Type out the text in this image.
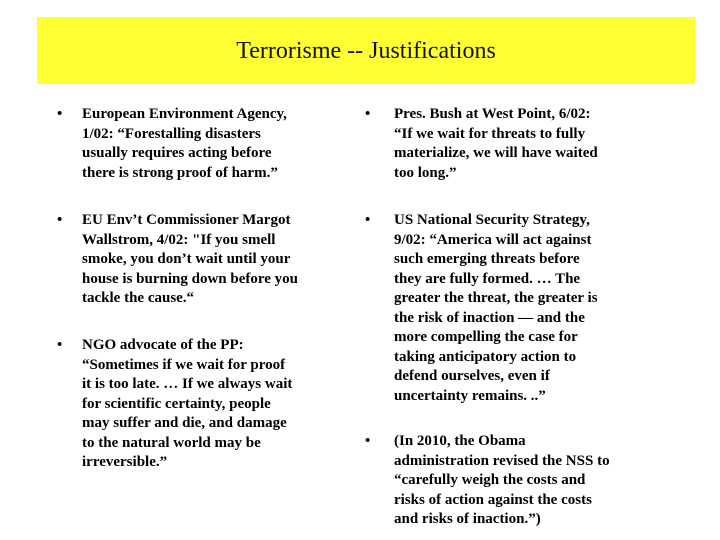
Terrorisme -- Justifications
• European Environment Agency,
1/02: “Forestalling disasters
usually requires acting before
there is strong proof of harm.”
• EU Env’t Commissioner Margot
Wallstrom, 4/02: "If you smell
smoke, you don’t wait until your
house is burning down before you
tackle the cause.“
• NGO advocate of the PP:
“Sometimes if we wait for proof
it is too late. … If we always wait
for scientific certainty, people
may suffer and die, and damage
to the natural world may be
irreversible.”
• Pres. Bush at West Point, 6/02:
“If we wait for threats to fully
materialize, we will have waited
too long.”
• US National Security Strategy,
9/02: “America will act against
such emerging threats before
they are fully formed. … The
greater the threat, the greater is
the risk of inaction — and the
more compelling the case for
taking anticipatory action to
defend ourselves, even if
uncertainty remains. ..”
• (In 2010, the Obama
administration revised the NSS to
“carefully weigh the costs and
risks of action against the costs
and risks of inaction.”)
